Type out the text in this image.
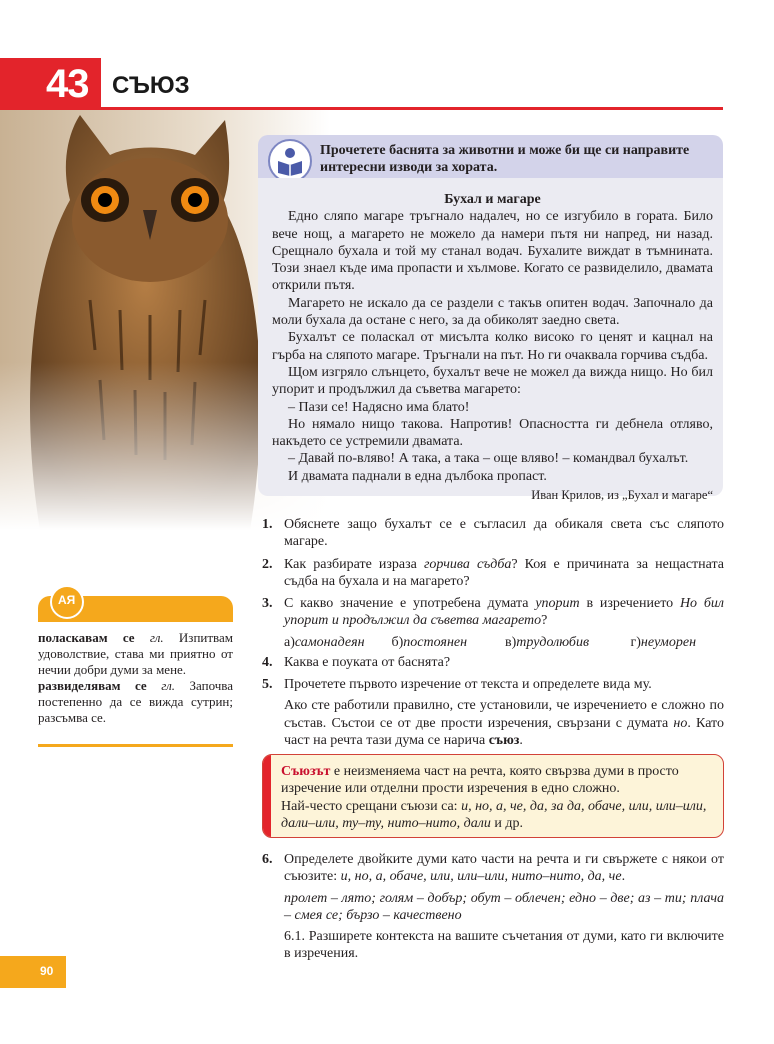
43 СЪЮЗ
Прочетете баснята за животни и може би ще си направите интересни изводи за хората.
Бухал и магаре

Едно сляпо магаре тръгнало надалеч, но се изгубило в гората. Било вече нощ, а магарето не можело да намери пътя ни напред, ни назад. Срещнало бухала и той му станал водач. Бухалите виждат в тъмнината. Този знаел къде има пропасти и хълмове. Когато се развиделило, двамата открили пътя.

Магарето не искало да се раздели с такъв опитен водач. Започнало да моли бухала да остане с него, за да обиколят заедно света.

Бухалът се поласкал от мисълта колко високо го ценят и кацнал на гърба на сляпото магаре. Тръгнали на път. Но ги очаквала горчива съдба.

Щом изгряло слънцето, бухалът вече не можел да вижда нищо. Но бил упорит и продължил да съветва магарето:

– Пази се! Надясно има блато!

Но нямало нищо такова. Напротив! Опасността ги дебнела отляво, накъдето се устремили двамата.

– Давай по-вляво! А така, а така – още вляво! – командвал бухалът.

И двамата паднали в една дълбока пропаст.

Иван Крилов, из „Бухал и магаре“
1. Обяснете защо бухалът се е съгласил да обикаля света със сляпото магаре.
2. Как разбирате израза горчива съдба? Коя е причината за нещастната съдба на бухала и на магарето?
3. С какво значение е употребена думата упорит в изречението Но бил упорит и продължил да съветва магарето?
а)самонадеян б)постоянен	в)трудолюбив	г)неуморен
4. Каква е поуката от баснята?
5. Прочетете първото изречение от текста и определете вида му.
Ако сте работили правилно, сте установили, че изречението е сложно по състав. Състои се от две прости изречения, свързани с думата но. Като част на речта тази дума се нарича съюз.
АЯ

поласкавам се гл. Изпитвам удоволствие, става ми приятно от нечии добри думи за мене.

развиделявам се гл. Започва постепенно да се вижда сутрин; разсъмва се.

Съюзът е неизменяема част на речта, която свързва думи в просто изречение или отделни прости изречения в едно сложно.
Най-често срещани съюзи са: и, но, а, че, да, за да, обаче, или, или–или, дали–или, ту–ту, нито–нито, дали и др.
6. Определете двойките думи като части на речта и ги свържете с някои от съюзите: и, но, а, обаче, или, или–или, нито–нито, да, че.
пролет – лято; голям – добър; обут – облечен; едно – две; аз – ти; плача – смея се; бързо – качествено
6.1. Разширете контекста на вашите съчетания от думи, като ги включите в изречения.
90
